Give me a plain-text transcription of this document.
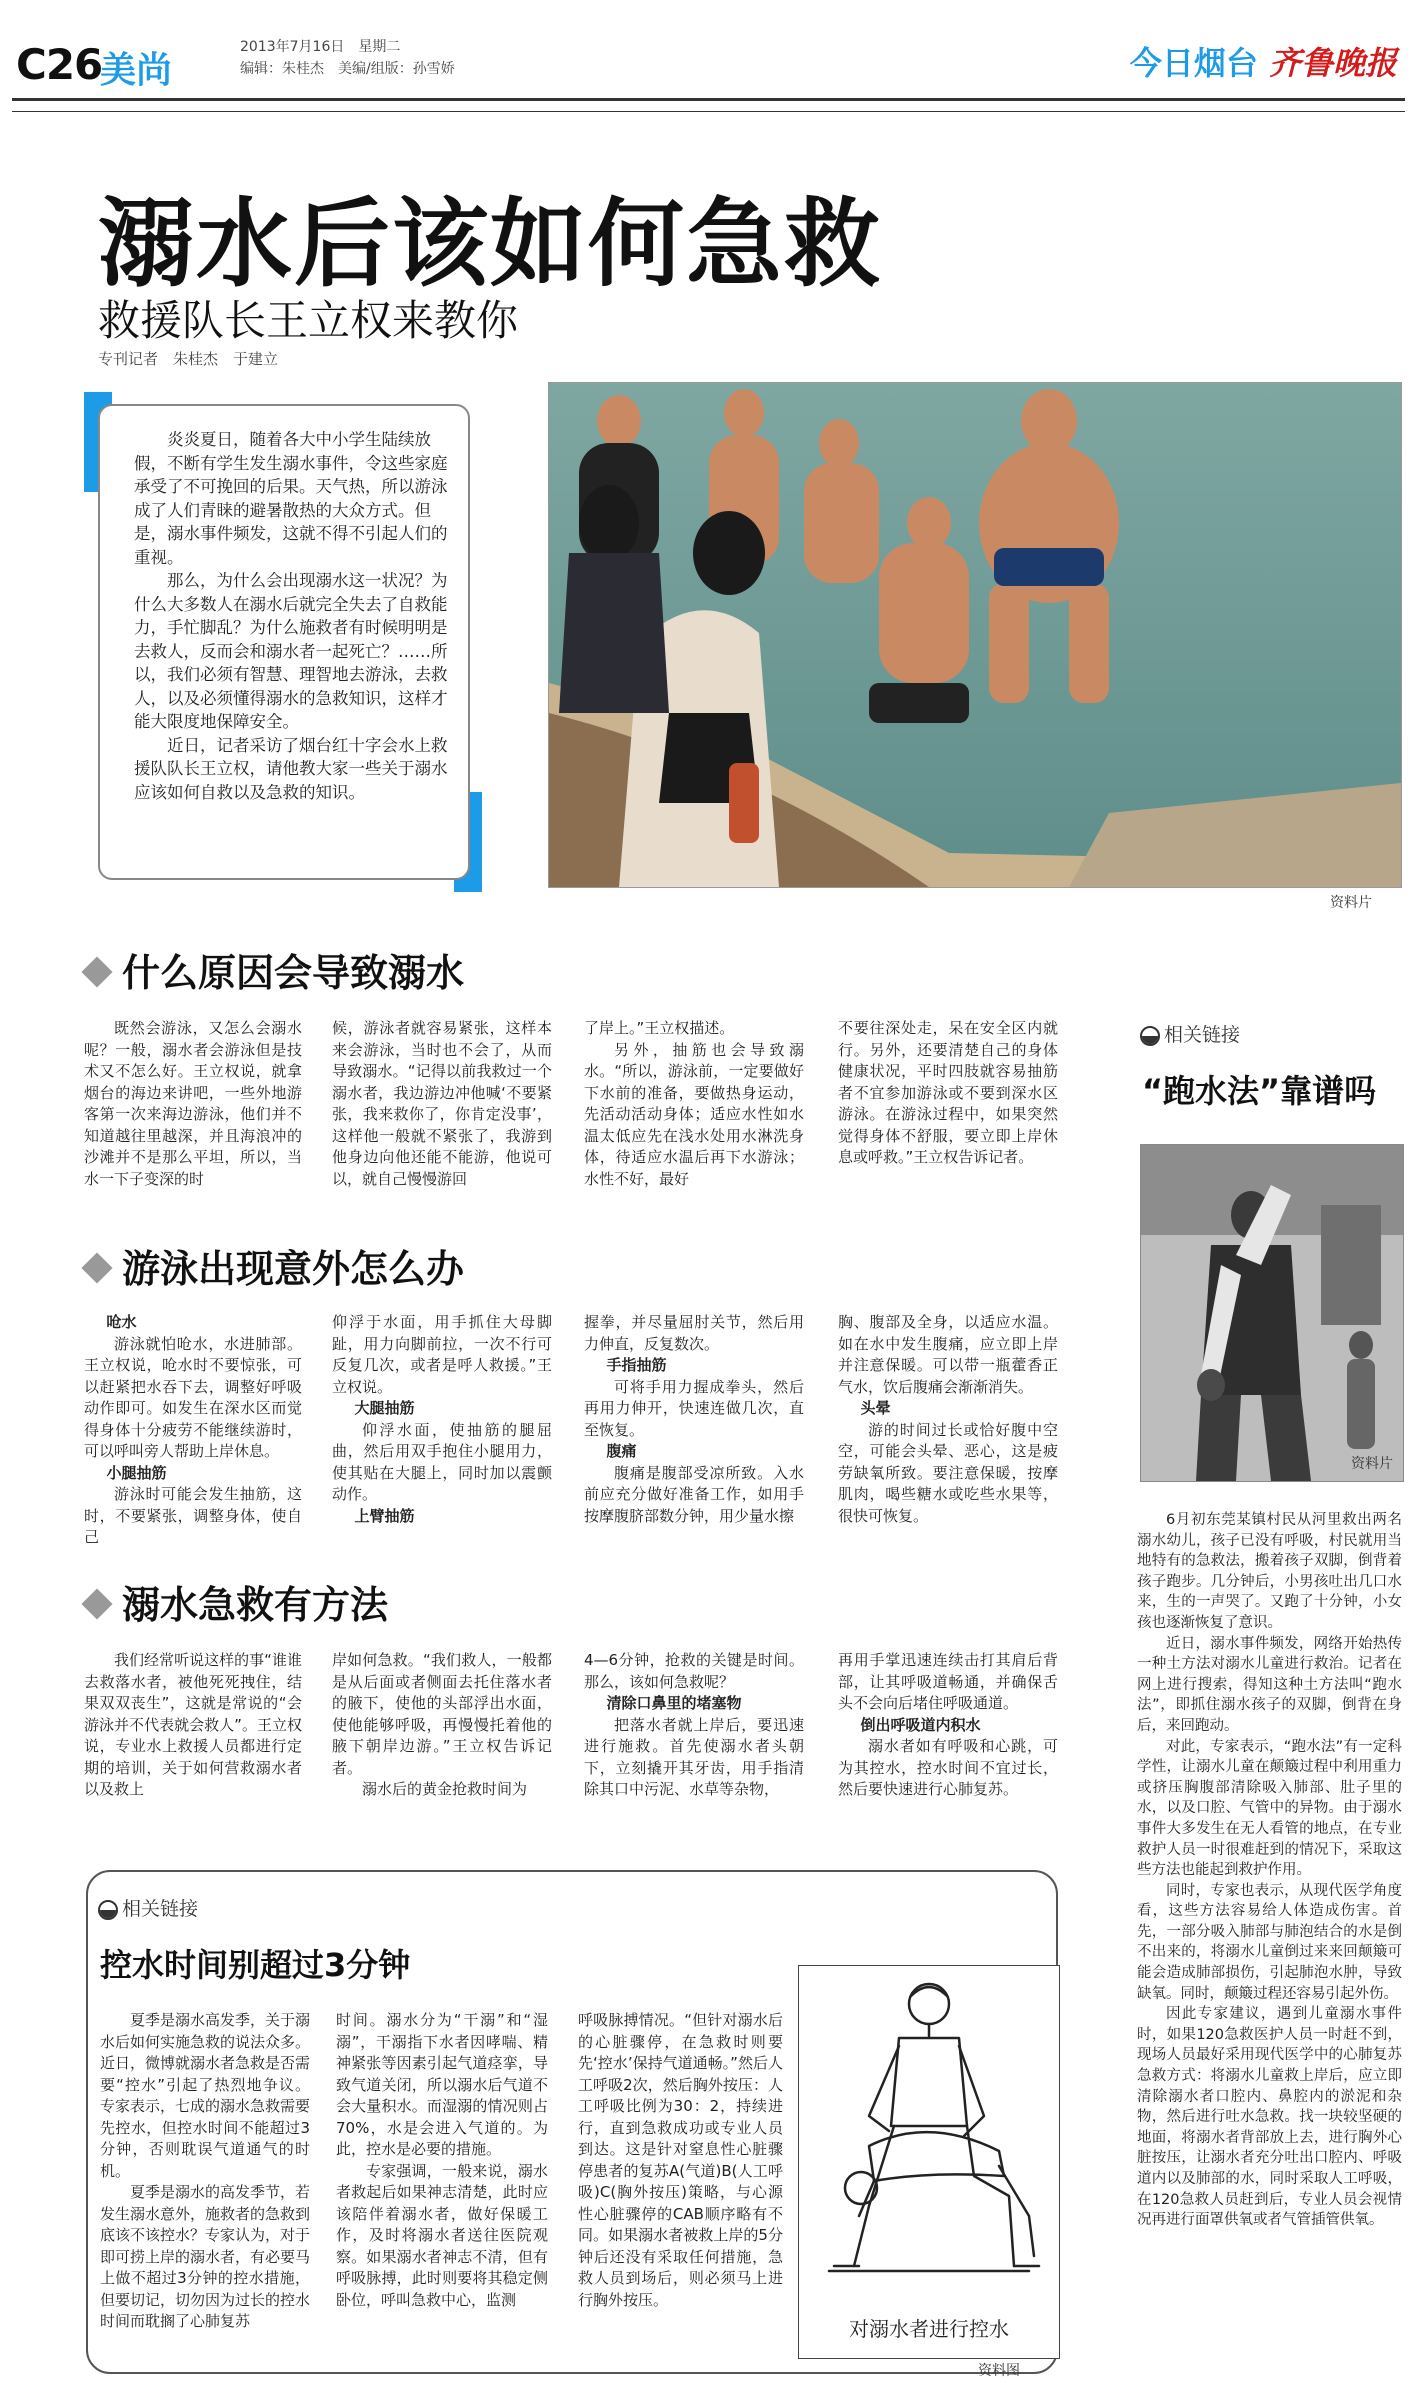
C26
美尚
2013年7月16日　星期二
编辑：朱桂杰　美编/组版：孙雪娇	今日烟台 齐鲁晚报
溺水后该如何急救
救援队长王立权来教你
专刊记者　朱桂杰　于建立

炎炎夏日，随着各大中小学生陆续放假，不断有学生发生溺水事件，令这些家庭承受了不可挽回的后果。天气热，所以游泳成了人们青睐的避暑散热的大众方式。但是，溺水事件频发，这就不得不引起人们的重视。

那么，为什么会出现溺水这一状况？为什么大多数人在溺水后就完全失去了自救能力，手忙脚乱？为什么施救者有时候明明是去救人，反而会和溺水者一起死亡？……所以，我们必须有智慧、理智地去游泳，去救人，以及必须懂得溺水的急救知识，这样才能大限度地保障安全。

近日，记者采访了烟台红十字会水上救援队队长王立权，请他教大家一些关于溺水应该如何自救以及急救的知识。

资料片
什么原因会导致溺水

既然会游泳，又怎么会溺水呢？一般，溺水者会游泳但是技术又不怎么好。王立权说，就拿烟台的海边来讲吧，一些外地游客第一次来海边游泳，他们并不知道越往里越深，并且海浪冲的沙滩并不是那么平坦，所以，当水一下子变深的时

候，游泳者就容易紧张，这样本来会游泳，当时也不会了，从而导致溺水。“记得以前我救过一个溺水者，我边游边冲他喊‘不要紧张，我来救你了，你肯定没事’，这样他一般就不紧张了，我游到他身边向他还能不能游，他说可以，就自己慢慢游回

了岸上。”王立权描述。

另外，抽筋也会导致溺水。“所以，游泳前，一定要做好下水前的准备，要做热身运动，先活动活动身体；适应水性如水温太低应先在浅水处用水淋洗身体，待适应水温后再下水游泳；水性不好，最好

不要往深处走，呆在安全区内就行。另外，还要清楚自己的身体健康状况，平时四肢就容易抽筋者不宜参加游泳或不要到深水区游泳。在游泳过程中，如果突然觉得身体不舒服，要立即上岸休息或呼救。”王立权告诉记者。

游泳出现意外怎么办

呛水

游泳就怕呛水，水进肺部。王立权说，呛水时不要惊张，可以赶紧把水吞下去，调整好呼吸动作即可。如发生在深水区而觉得身体十分疲劳不能继续游时，可以呼叫旁人帮助上岸休息。

小腿抽筋

游泳时可能会发生抽筋，这时，不要紧张，调整身体，使自己

仰浮于水面，用手抓住大母脚趾，用力向脚前拉，一次不行可反复几次，或者是呼人救援。”王立权说。

大腿抽筋

仰浮水面，使抽筋的腿屈曲，然后用双手抱住小腿用力，使其贴在大腿上，同时加以震颤动作。

上臂抽筋

握拳，并尽量屈肘关节，然后用力伸直，反复数次。

手指抽筋

可将手用力握成拳头，然后再用力伸开，快速连做几次，直至恢复。

腹痛

腹痛是腹部受凉所致。入水前应充分做好准备工作，如用手按摩腹脐部数分钟，用少量水擦

胸、腹部及全身，以适应水温。如在水中发生腹痛，应立即上岸并注意保暖。可以带一瓶藿香正气水，饮后腹痛会渐渐消失。

头晕

游的时间过长或恰好腹中空空，可能会头晕、恶心，这是疲劳缺氧所致。要注意保暖，按摩肌肉，喝些糖水或吃些水果等，很快可恢复。

溺水急救有方法

我们经常听说这样的事“谁谁去救落水者，被他死死拽住，结果双双丧生”，这就是常说的“会游泳并不代表就会救人”。王立权说，专业水上救援人员都进行定期的培训，关于如何营救溺水者以及救上

岸如何急救。“我们救人，一般都是从后面或者侧面去托住落水者的腋下，使他的头部浮出水面，使他能够呼吸，再慢慢托着他的腋下朝岸边游。”王立权告诉记者。

溺水后的黄金抢救时间为

4—6分钟，抢救的关键是时间。那么，该如何急救呢？

清除口鼻里的堵塞物

把落水者就上岸后，要迅速进行施救。首先使溺水者头朝下，立刻撬开其牙齿，用手指清除其口中污泥、水草等杂物，

再用手掌迅速连续击打其肩后背部，让其呼吸道畅通，并确保舌头不会向后堵住呼吸通道。

倒出呼吸道内积水

溺水者如有呼吸和心跳，可为其控水，控水时间不宜过长，然后要快速进行心肺复苏。

相关链接
“跑水法”靠谱吗
资料片

6月初东莞某镇村民从河里救出两名溺水幼儿，孩子已没有呼吸，村民就用当地特有的急救法，搬着孩子双脚，倒背着孩子跑步。几分钟后，小男孩吐出几口水来，生的一声哭了。又跑了十分钟，小女孩也逐渐恢复了意识。

近日，溺水事件频发，网络开始热传一种土方法对溺水儿童进行救治。记者在网上进行搜索，得知这种土方法叫“跑水法”，即抓住溺水孩子的双脚，倒背在身后，来回跑动。

对此，专家表示，“跑水法”有一定科学性，让溺水儿童在颠簸过程中利用重力或挤压胸腹部清除吸入肺部、肚子里的水，以及口腔、气管中的异物。由于溺水事件大多发生在无人看管的地点，在专业救护人员一时很难赶到的情况下，采取这些方法也能起到救护作用。

同时，专家也表示，从现代医学角度看，这些方法容易给人体造成伤害。首先，一部分吸入肺部与肺泡结合的水是倒不出来的，将溺水儿童倒过来来回颠簸可能会造成肺部损伤，引起肺泡水肿，导致缺氧。同时，颠簸过程还容易引起外伤。

因此专家建议，遇到儿童溺水事件时，如果120急救医护人员一时赶不到，现场人员最好采用现代医学中的心肺复苏急救方式：将溺水儿童救上岸后，应立即清除溺水者口腔内、鼻腔内的淤泥和杂物，然后进行吐水急救。找一块较坚硬的地面，将溺水者背部放上去，进行胸外心脏按压，让溺水者充分吐出口腔内、呼吸道内以及肺部的水，同时采取人工呼吸，在120急救人员赶到后，专业人员会视情况再进行面罩供氧或者气管插管供氧。

相关链接
控水时间别超过3分钟

夏季是溺水高发季，关于溺水后如何实施急救的说法众多。近日，微博就溺水者急救是否需要“控水”引起了热烈地争议。专家表示，七成的溺水急救需要先控水，但控水时间不能超过3分钟，否则耽误气道通气的时机。

夏季是溺水的高发季节，若发生溺水意外，施救者的急救到底该不该控水？专家认为，对于即可捞上岸的溺水者，有必要马上做不超过3分钟的控水措施，但要切记，切勿因为过长的控水时间而耽搁了心肺复苏

时间。溺水分为“干溺”和“湿溺”，干溺指下水者因哮喘、精神紧张等因素引起气道痉挛，导致气道关闭，所以溺水后气道不会大量积水。而湿溺的情况则占70%，水是会进入气道的。为此，控水是必要的措施。

专家强调，一般来说，溺水者救起后如果神志清楚，此时应该陪伴着溺水者，做好保暖工作，及时将溺水者送往医院观察。如果溺水者神志不清，但有呼吸脉搏，此时则要将其稳定侧卧位，呼叫急救中心，监测

呼吸脉搏情况。“但针对溺水后的心脏骤停，在急救时则要先‘控水’保持气道通畅。”然后人工呼吸2次，然后胸外按压：人工呼吸比例为30：2，持续进行，直到急救成功或专业人员到达。这是针对窒息性心脏骤停患者的复苏A(气道)B(人工呼吸)C(胸外按压)策略，与心源性心脏骤停的CAB顺序略有不同。如果溺水者被救上岸的5分钟后还没有采取任何措施，急救人员到场后，则必须马上进行胸外按压。

对溺水者进行控水
资料图
